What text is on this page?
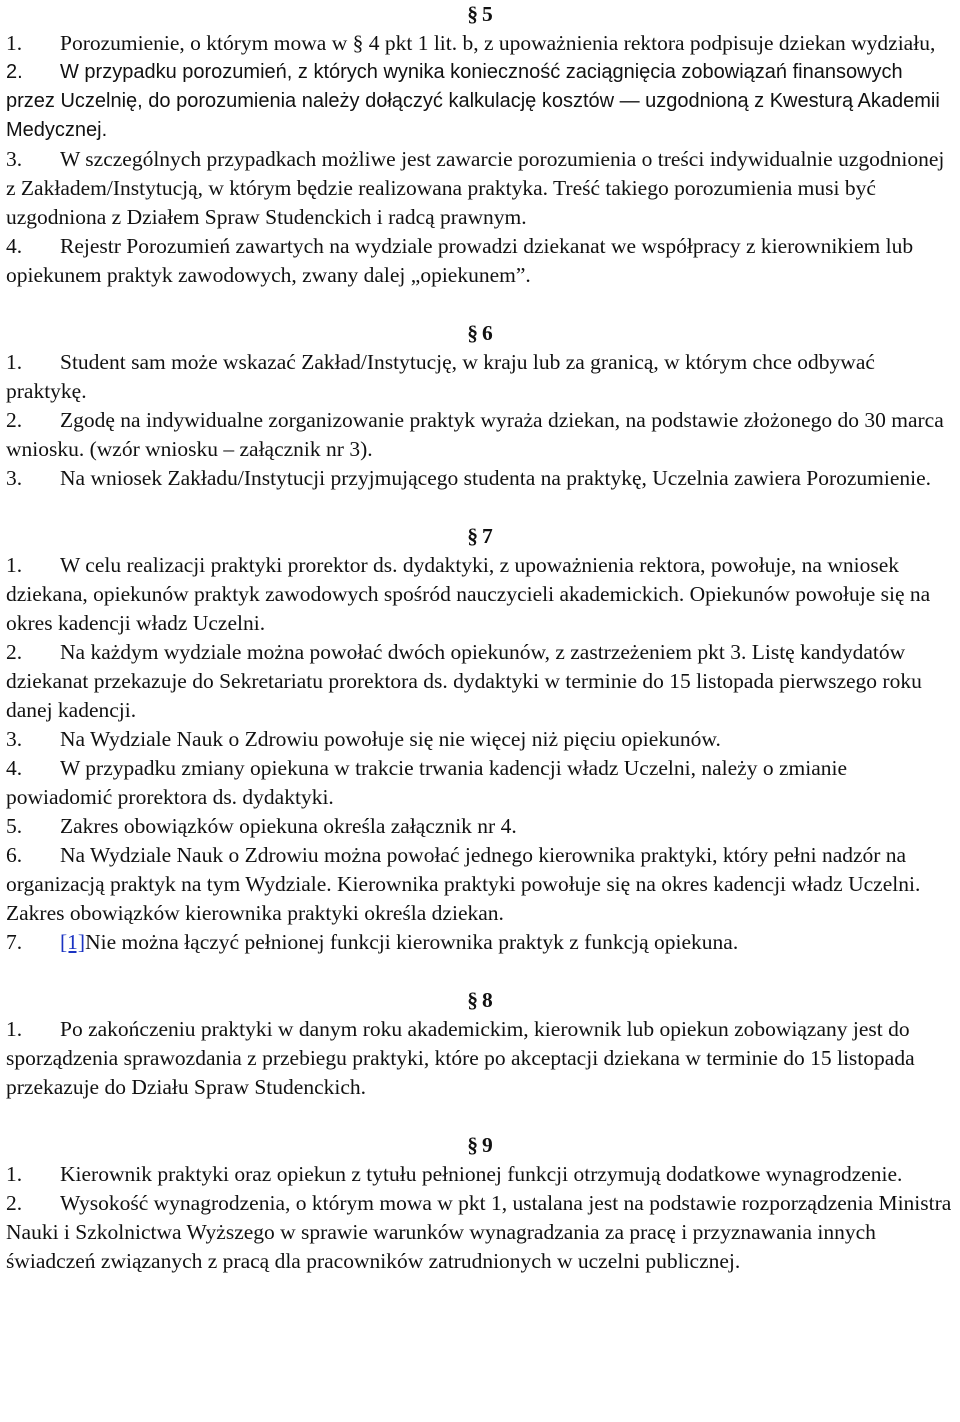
§ 5

1. Porozumienie, o którym mowa w § 4 pkt 1 lit. b, z upoważnienia rektora podpisuje dziekan wydziału,

2. W przypadku porozumień, z których wynika konieczność zaciągnięcia zobowiązań finansowych przez Uczelnię, do porozumienia należy dołączyć kalkulację kosztów — uzgodnioną z Kwesturą Akademii Medycznej.

3. W szczególnych przypadkach możliwe jest zawarcie porozumienia o treści indywidualnie uzgodnionej z Zakładem/Instytucją, w którym będzie realizowana praktyka. Treść takiego porozumienia musi być uzgodniona z Działem Spraw Studenckich i radcą prawnym.

4. Rejestr Porozumień zawartych na wydziale prowadzi dziekanat we współpracy z kierownikiem lub opiekunem praktyk zawodowych, zwany dalej „opiekunem”.

§ 6

1. Student sam może wskazać Zakład/Instytucję, w kraju lub za granicą, w którym chce odbywać praktykę.

2. Zgodę na indywidualne zorganizowanie praktyk wyraża dziekan, na podstawie złożonego do 30 marca wniosku. (wzór wniosku – załącznik nr 3).

3. Na wniosek Zakładu/Instytucji przyjmującego studenta na praktykę, Uczelnia zawiera Porozumienie.

§ 7

1. W celu realizacji praktyki prorektor ds. dydaktyki, z upoważnienia rektora, powołuje, na wniosek dziekana, opiekunów praktyk zawodowych spośród nauczycieli akademickich. Opiekunów powołuje się na okres kadencji władz Uczelni.

2. Na każdym wydziale można powołać dwóch opiekunów, z zastrzeżeniem pkt 3. Listę kandydatów dziekanat przekazuje do Sekretariatu prorektora ds. dydaktyki w terminie do 15 listopada pierwszego roku danej kadencji.

3. Na Wydziale Nauk o Zdrowiu powołuje się nie więcej niż pięciu opiekunów.

4. W przypadku zmiany opiekuna w trakcie trwania kadencji władz Uczelni, należy o zmianie powiadomić prorektora ds. dydaktyki.

5. Zakres obowiązków opiekuna określa załącznik nr 4.

6. Na Wydziale Nauk o Zdrowiu można powołać jednego kierownika praktyki, który pełni nadzór na organizacją praktyk na tym Wydziale. Kierownika praktyki powołuje się na okres kadencji władz Uczelni. Zakres obowiązków kierownika praktyki określa dziekan.

7. [1]Nie można łączyć pełnionej funkcji kierownika praktyk z funkcją opiekuna.

§ 8

1. Po zakończeniu praktyki w danym roku akademickim, kierownik lub opiekun zobowiązany jest do sporządzenia sprawozdania z przebiegu praktyki, które po akceptacji dziekana w terminie do 15 listopada przekazuje do Działu Spraw Studenckich.

§ 9

1. Kierownik praktyki oraz opiekun z tytułu pełnionej funkcji otrzymują dodatkowe wynagrodzenie.

2. Wysokość wynagrodzenia, o którym mowa w pkt 1, ustalana jest na podstawie rozporządzenia Ministra Nauki i Szkolnictwa Wyższego w sprawie warunków wynagradzania za pracę i przyznawania innych świadczeń związanych z pracą dla pracowników zatrudnionych w uczelni publicznej.
